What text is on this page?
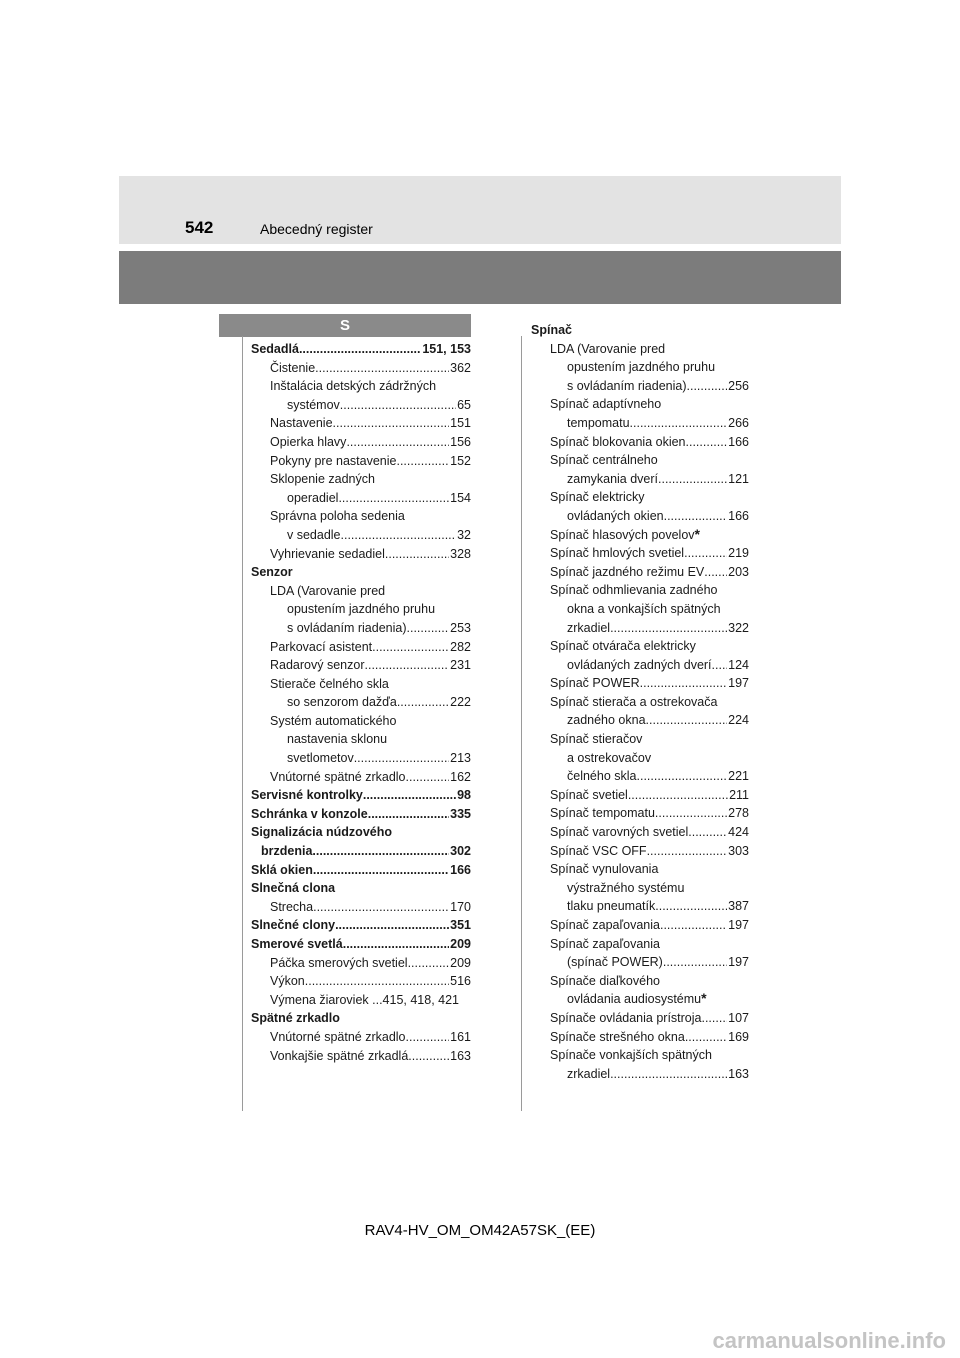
542	Abecedný register
S
Sedadlá .....	151, 153
Čistenie .....	362
Inštalácia detských zádržných
systémov .....	65
Nastavenie .....	151
Opierka hlavy .....	156
Pokyny pre nastavenie .....	152
Sklopenie zadných
operadiel .....	154
Správna poloha sedenia
v sedadle .....	32
Vyhrievanie sedadiel .....	328
Senzor
LDA (Varovanie pred
opustením jazdného pruhu
s ovládaním riadenia) .....	253
Parkovací asistent .....	282
Radarový senzor .....	231
Stierače čelného skla
so senzorom dažďa .....	222
Systém automatického
nastavenia sklonu
svetlometov .....	213
Vnútorné spätné zrkadlo .....	162
Servisné kontrolky .....	98
Schránka v konzole .....	335
Signalizácia núdzového
brzdenia .....	302
Sklá okien .....	166
Slnečná clona
Strecha .....	170
Slnečné clony .....	351
Smerové svetlá .....	209
Páčka smerových svetiel .....	209
Výkon .....	516
Výmena žiaroviek ...415, 418, 421
Spätné zrkadlo
Vnútorné spätné zrkadlo .....	161
Vonkajšie spätné zrkadlá .....	163
Spínač
LDA (Varovanie pred
opustením jazdného pruhu
s ovládaním riadenia) .....	256
Spínač adaptívneho
tempomatu .....	266
Spínač blokovania okien .....	166
Spínač centrálneho
zamykania dverí .....	121
Spínač elektricky
ovládaných okien .....	166
Spínač hlasových povelov *
Spínač hmlových svetiel .....	219
Spínač jazdného režimu EV ..... 203
Spínač odhmlievania zadného
okna a vonkajších spätných
zrkadiel .....	322
Spínač otvárača elektricky
ovládaných zadných dverí ..... 124
Spínač POWER .....	197
Spínač stierača a ostrekovača
zadného okna .....	224
Spínač stieračov
a ostrekovačov
čelného skla .....	221
Spínač svetiel .....	211
Spínač tempomatu .....	278
Spínač varovných svetiel .....	424
Spínač VSC OFF .....	303
Spínač vynulovania
výstražného systému
tlaku pneumatík .....	387
Spínač zapaľovania .....	197
Spínač zapaľovania
(spínač POWER) .....	197
Spínače diaľkového
ovládania audiosystému *
Spínače ovládania prístroja ..... 107
Spínače strešného okna .....	169
Spínače vonkajších spätných
zrkadiel .....	163
RAV4-HV_OM_OM42A57SK_(EE)
carmanualsonline.info
